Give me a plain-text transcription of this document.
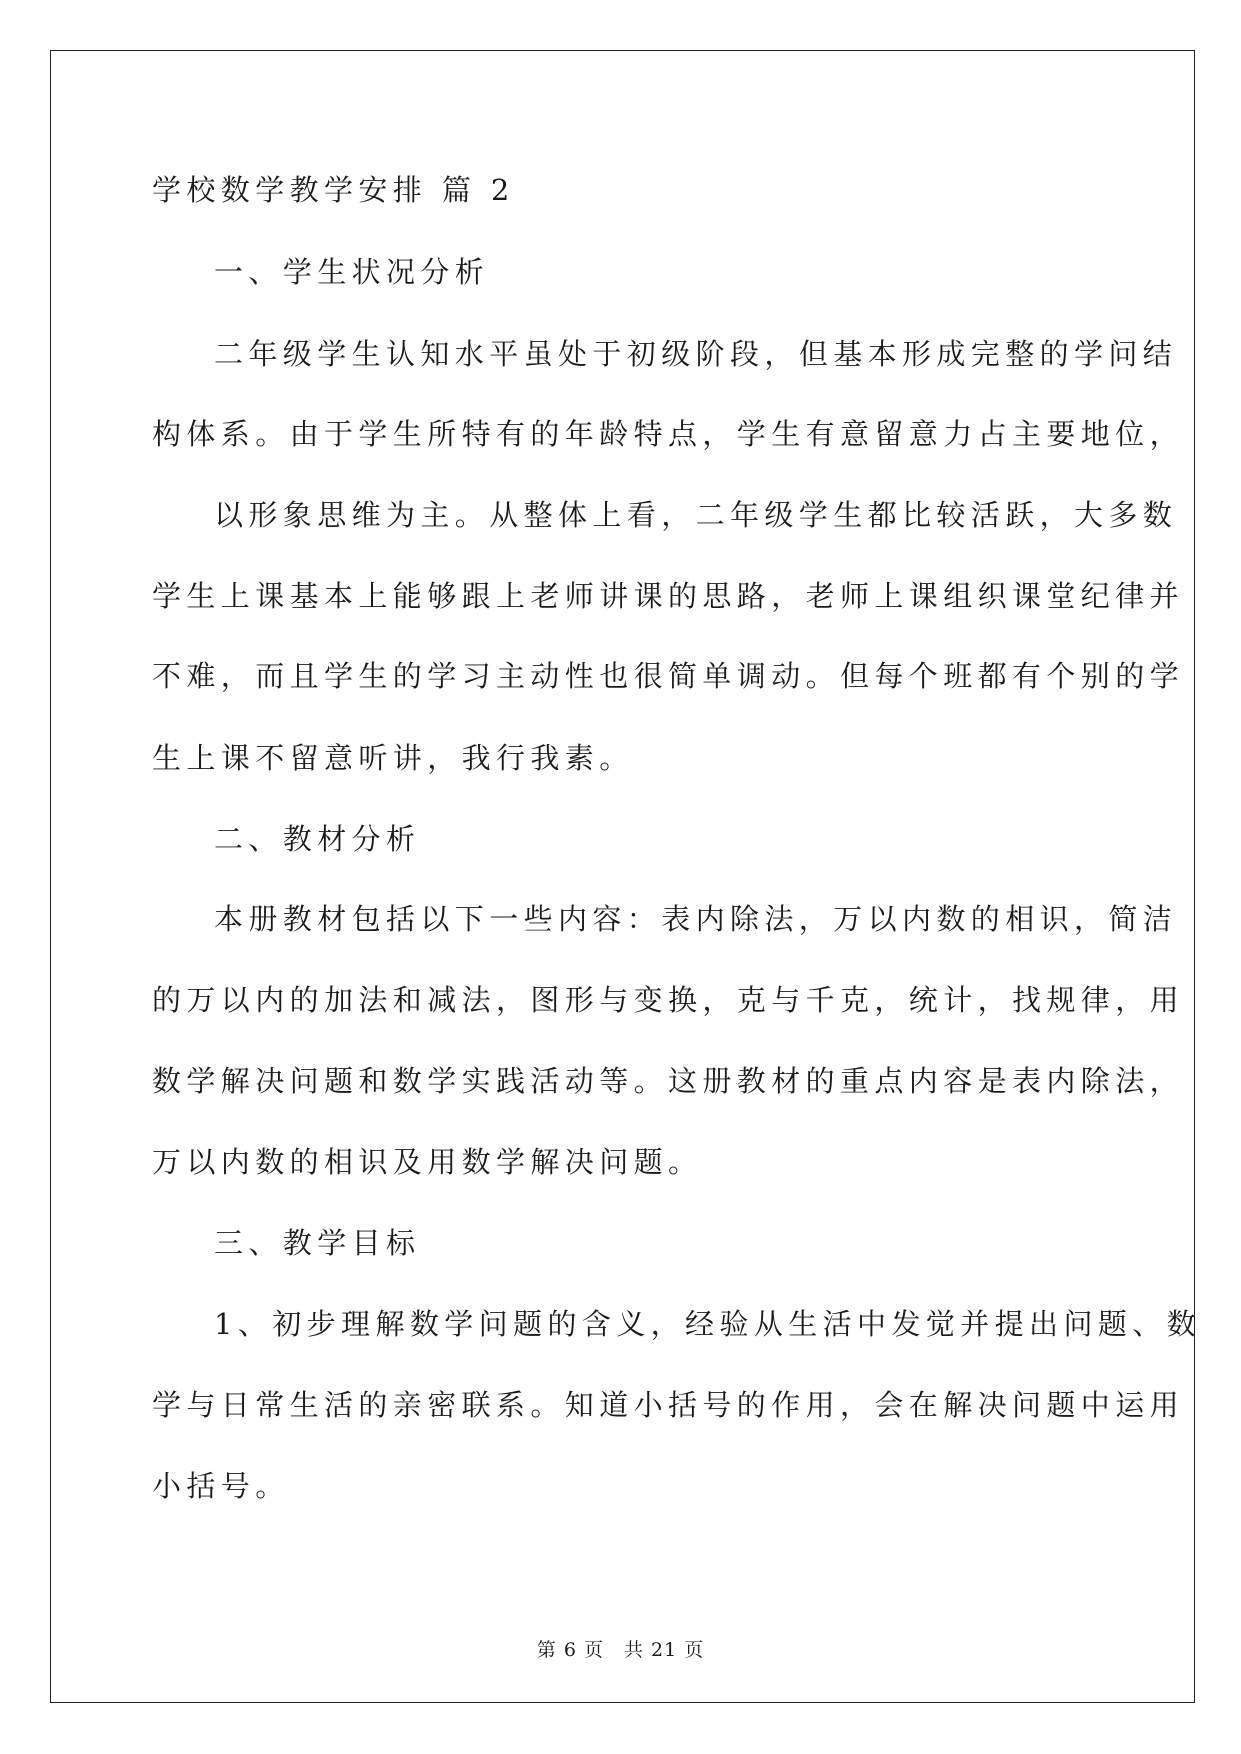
学校数学教学安排 篇 2
一、学生状况分析
二年级学生认知水平虽处于初级阶段，但基本形成完整的学问结
构体系。由于学生所特有的年龄特点，学生有意留意力占主要地位，
以形象思维为主。从整体上看，二年级学生都比较活跃，大多数
学生上课基本上能够跟上老师讲课的思路，老师上课组织课堂纪律并
不难，而且学生的学习主动性也很简单调动。但每个班都有个别的学
生上课不留意听讲，我行我素。
二、教材分析
本册教材包括以下一些内容：表内除法，万以内数的相识，简洁
的万以内的加法和减法，图形与变换，克与千克，统计，找规律，用
数学解决问题和数学实践活动等。这册教材的重点内容是表内除法，
万以内数的相识及用数学解决问题。
三、教学目标
1、初步理解数学问题的含义，经验从生活中发觉并提出问题、数
学与日常生活的亲密联系。知道小括号的作用，会在解决问题中运用
小括号。
第 6 页 共 21 页
